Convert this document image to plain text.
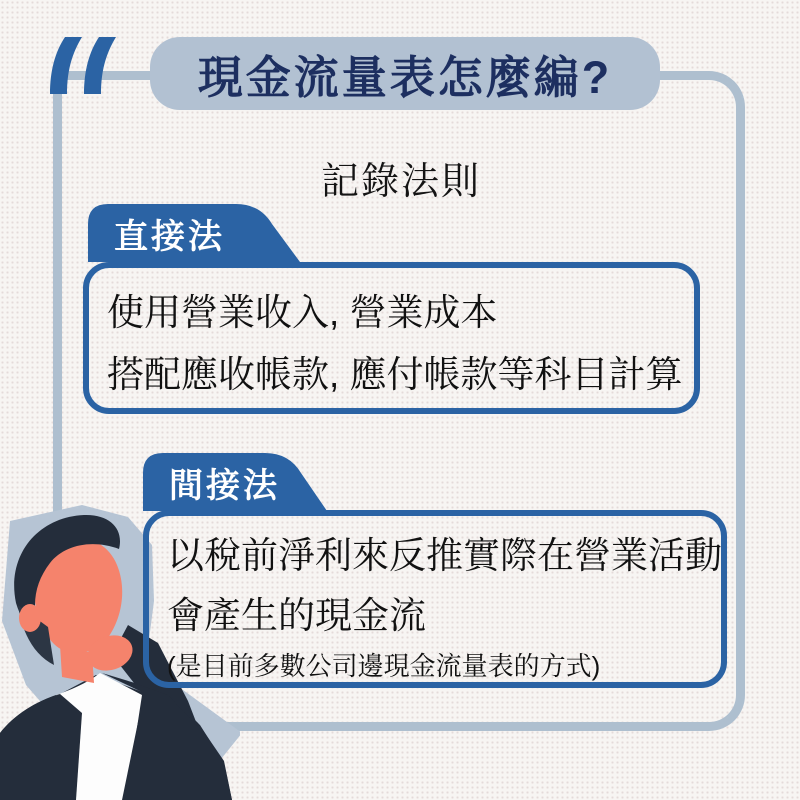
現金流量表怎麼編?
記錄法則
直接法
使用營業收入, 營業成本
搭配應收帳款, 應付帳款等科目計算
間接法
以稅前淨利來反推實際在營業活動
會產生的現金流
(是目前多數公司邊現金流量表的方式)
